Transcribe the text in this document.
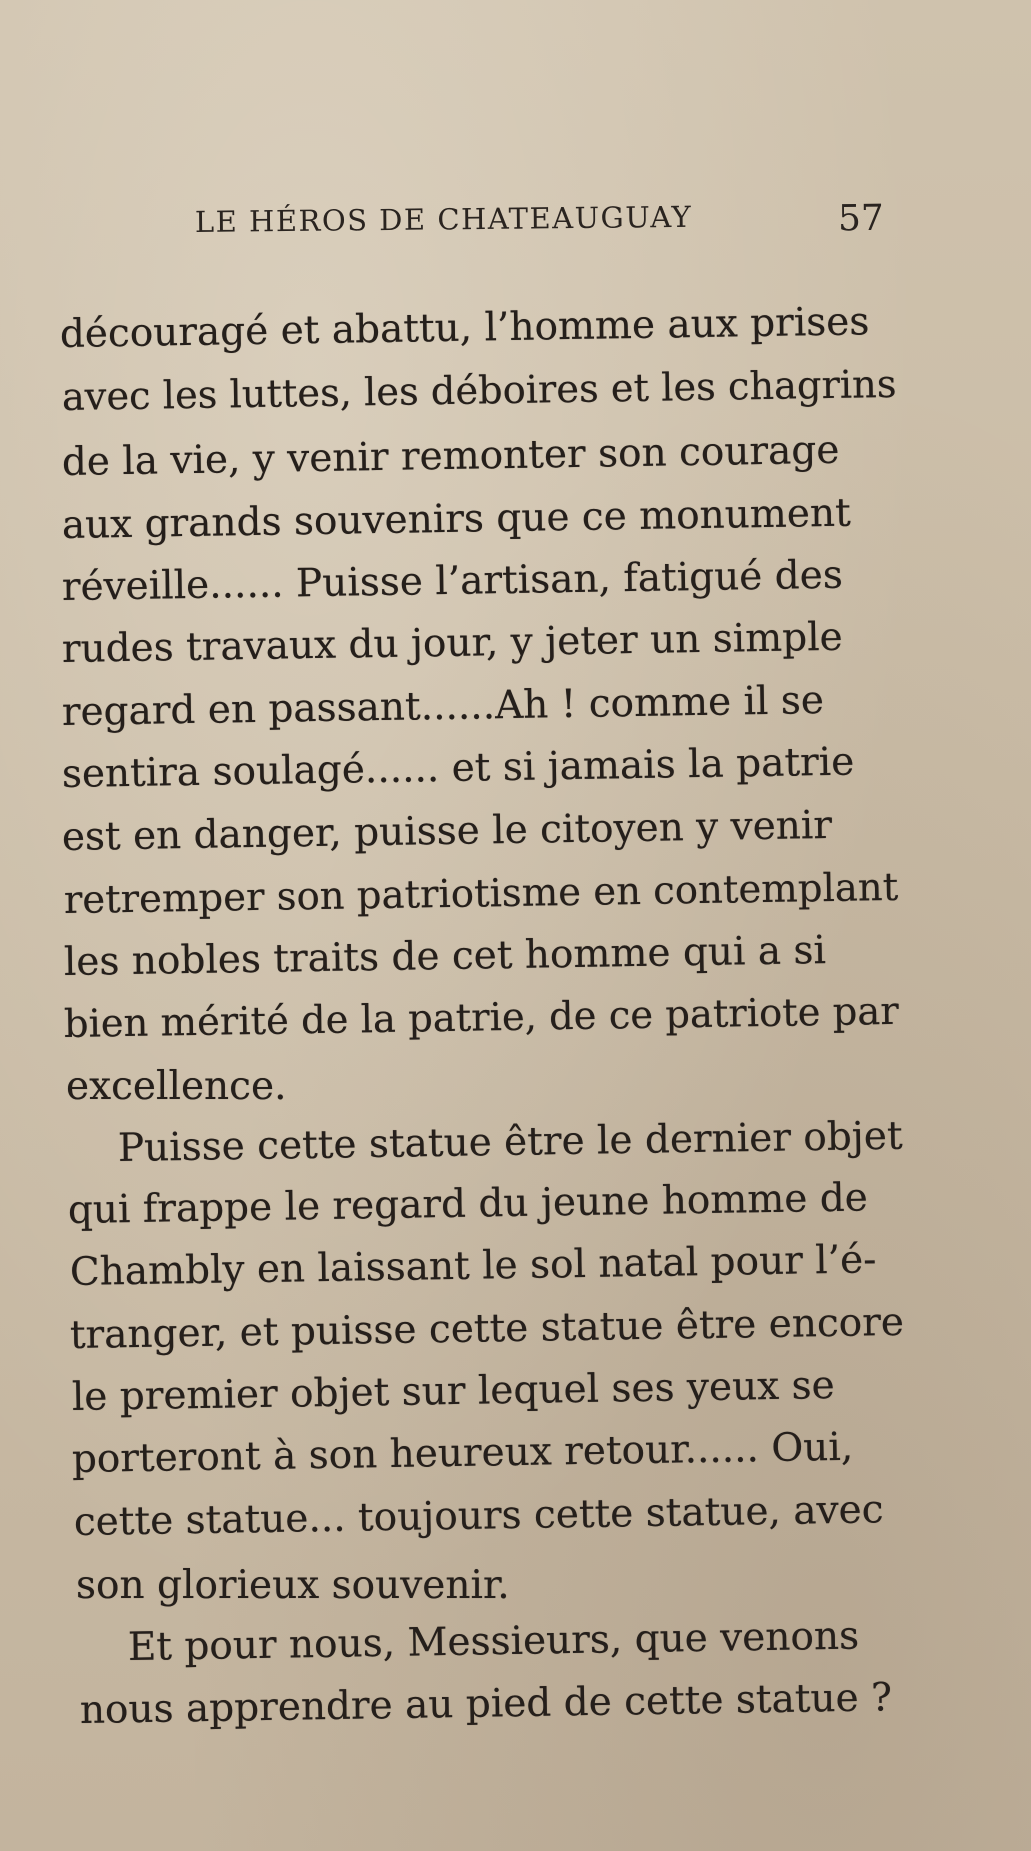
LE HÉROS DE CHATEAUGUAY	57
découragé et abattu, l’homme aux prises
avec les luttes, les déboires et les chagrins
de la vie, y venir remonter son courage
aux grands souvenirs que ce monument
réveille...... Puisse l’artisan, fatigué des
rudes travaux du jour, y jeter un simple
regard en passant......Ah ! comme il se
sentira soulagé...... et si jamais la patrie
est en danger, puisse le citoyen y venir
retremper son patriotisme en contemplant
les nobles traits de cet homme qui a si
bien mérité de la patrie, de ce patriote par
excellence.
Puisse cette statue être le dernier objet
qui frappe le regard du jeune homme de
Chambly en laissant le sol natal pour l’é-
tranger, et puisse cette statue être encore
le premier objet sur lequel ses yeux se
porteront à son heureux retour...... Oui,
cette statue... toujours cette statue, avec
son glorieux souvenir.
Et pour nous, Messieurs, que venons
nous apprendre au pied de cette statue ?
